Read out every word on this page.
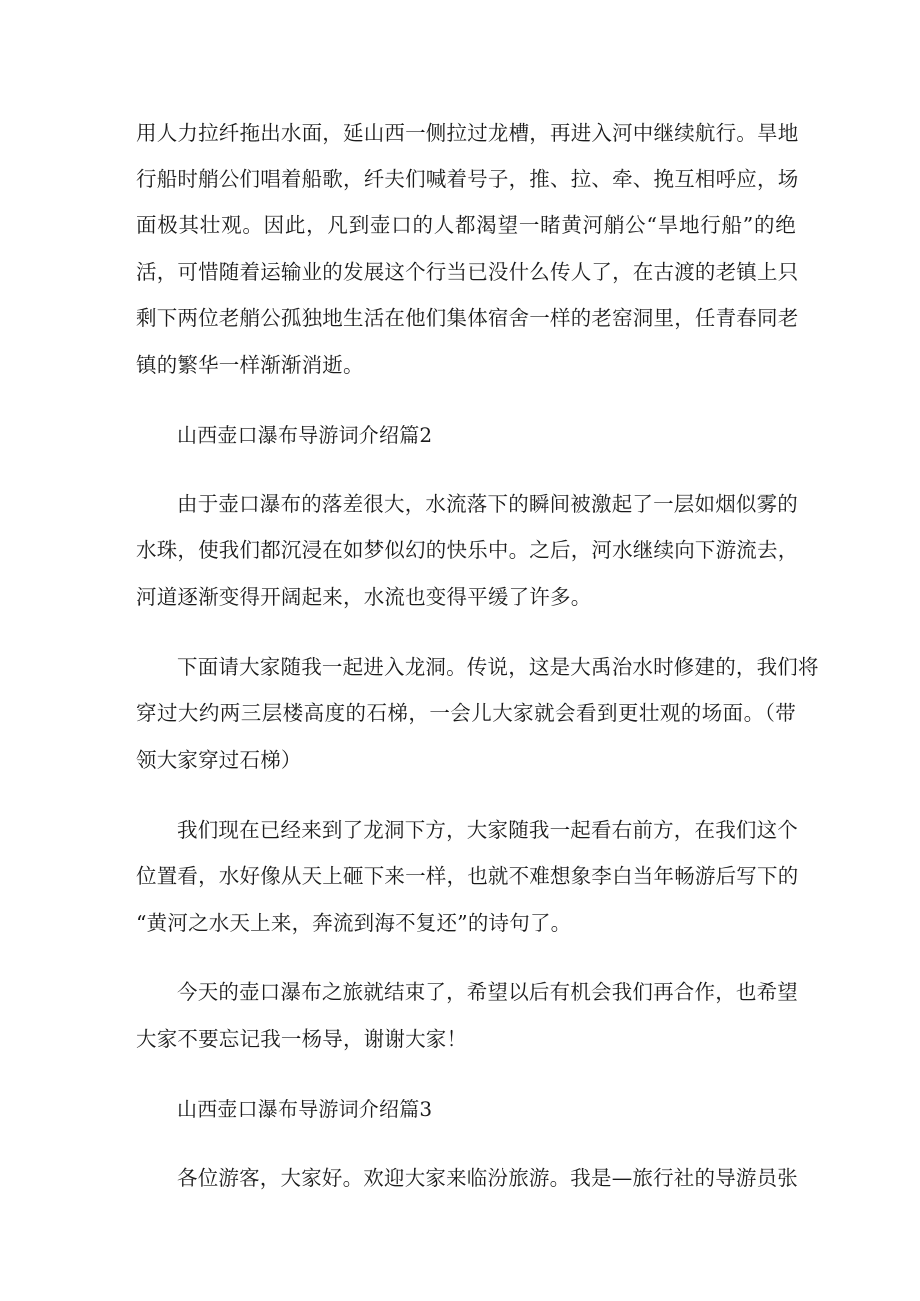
用人力拉纤拖出水面，延山西一侧拉过龙槽，再进入河中继续航行。旱地
行船时艄公们唱着船歌，纤夫们喊着号子，推、拉、牵、挽互相呼应，场
面极其壮观。因此，凡到壶口的人都渴望一睹黄河艄公“旱地行船”的绝
活，可惜随着运输业的发展这个行当已没什么传人了，在古渡的老镇上只
剩下两位老艄公孤独地生活在他们集体宿舍一样的老窑洞里，任青春同老
镇的繁华一样渐渐消逝。
山西壶口瀑布导游词介绍篇2
由于壶口瀑布的落差很大，水流落下的瞬间被激起了一层如烟似雾的
水珠，使我们都沉浸在如梦似幻的快乐中。之后，河水继续向下游流去，
河道逐渐变得开阔起来，水流也变得平缓了许多。
下面请大家随我一起进入龙洞。传说，这是大禹治水时修建的，我们将
穿过大约两三层楼高度的石梯，一会儿大家就会看到更壮观的场面。（带
领大家穿过石梯）
我们现在已经来到了龙洞下方，大家随我一起看右前方，在我们这个
位置看，水好像从天上砸下来一样，也就不难想象李白当年畅游后写下的
“黄河之水天上来，奔流到海不复还”的诗句了。
今天的壶口瀑布之旅就结束了，希望以后有机会我们再合作，也希望
大家不要忘记我一杨导，谢谢大家！
山西壶口瀑布导游词介绍篇3
各位游客，大家好。欢迎大家来临汾旅游。我是—旅行社的导游员张
